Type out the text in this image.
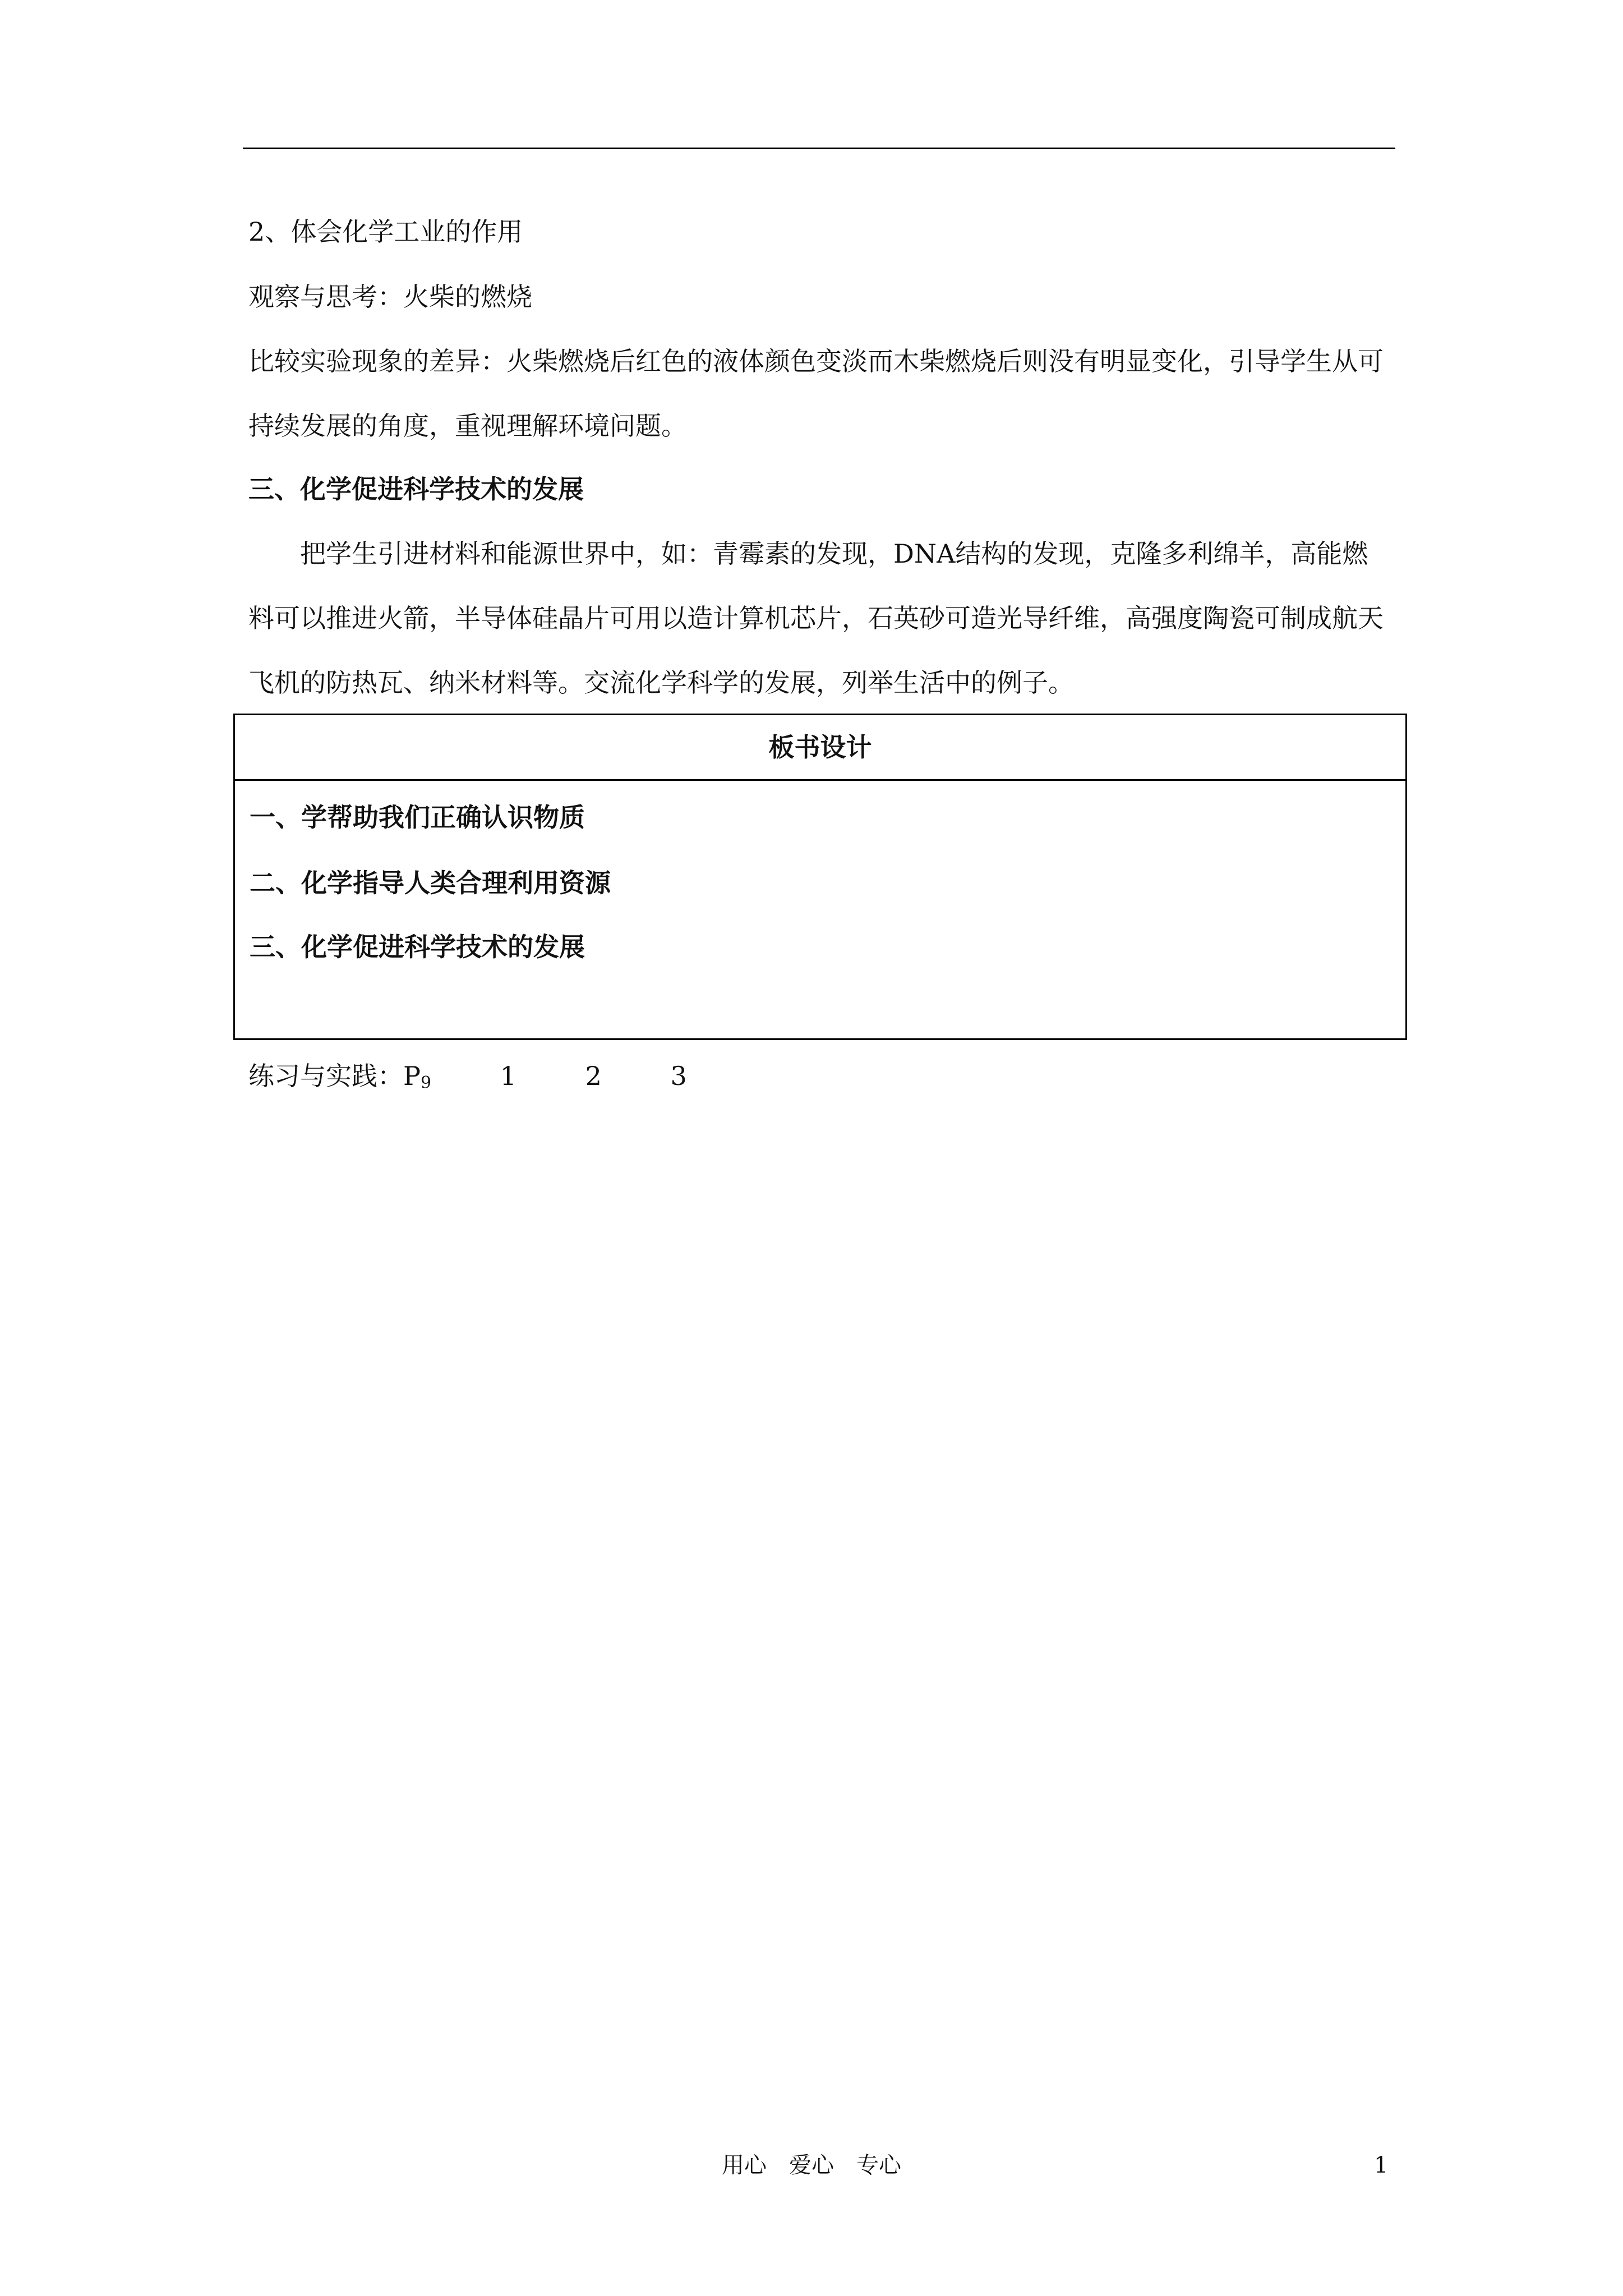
2、体会化学工业的作用
观察与思考：火柴的燃烧
比较实验现象的差异：火柴燃烧后红色的液体颜色变淡而木柴燃烧后则没有明显变化，引导学生从可持续发展的角度，重视理解环境问题。
三、化学促进科学技术的发展
把学生引进材料和能源世界中，如：青霉素的发现，DNA结构的发现，克隆多利绵羊，高能燃料可以推进火箭，半导体硅晶片可用以造计算机芯片，石英砂可造光导纤维，高强度陶瓷可制成航天飞机的防热瓦、纳米材料等。交流化学科学的发展，列举生活中的例子。
板书设计
一、学帮助我们正确认识物质
二、化学指导人类合理利用资源
三、化学促进科学技术的发展
练习与实践：$P_9$	1	2	3
用心 爱心 专心	1
